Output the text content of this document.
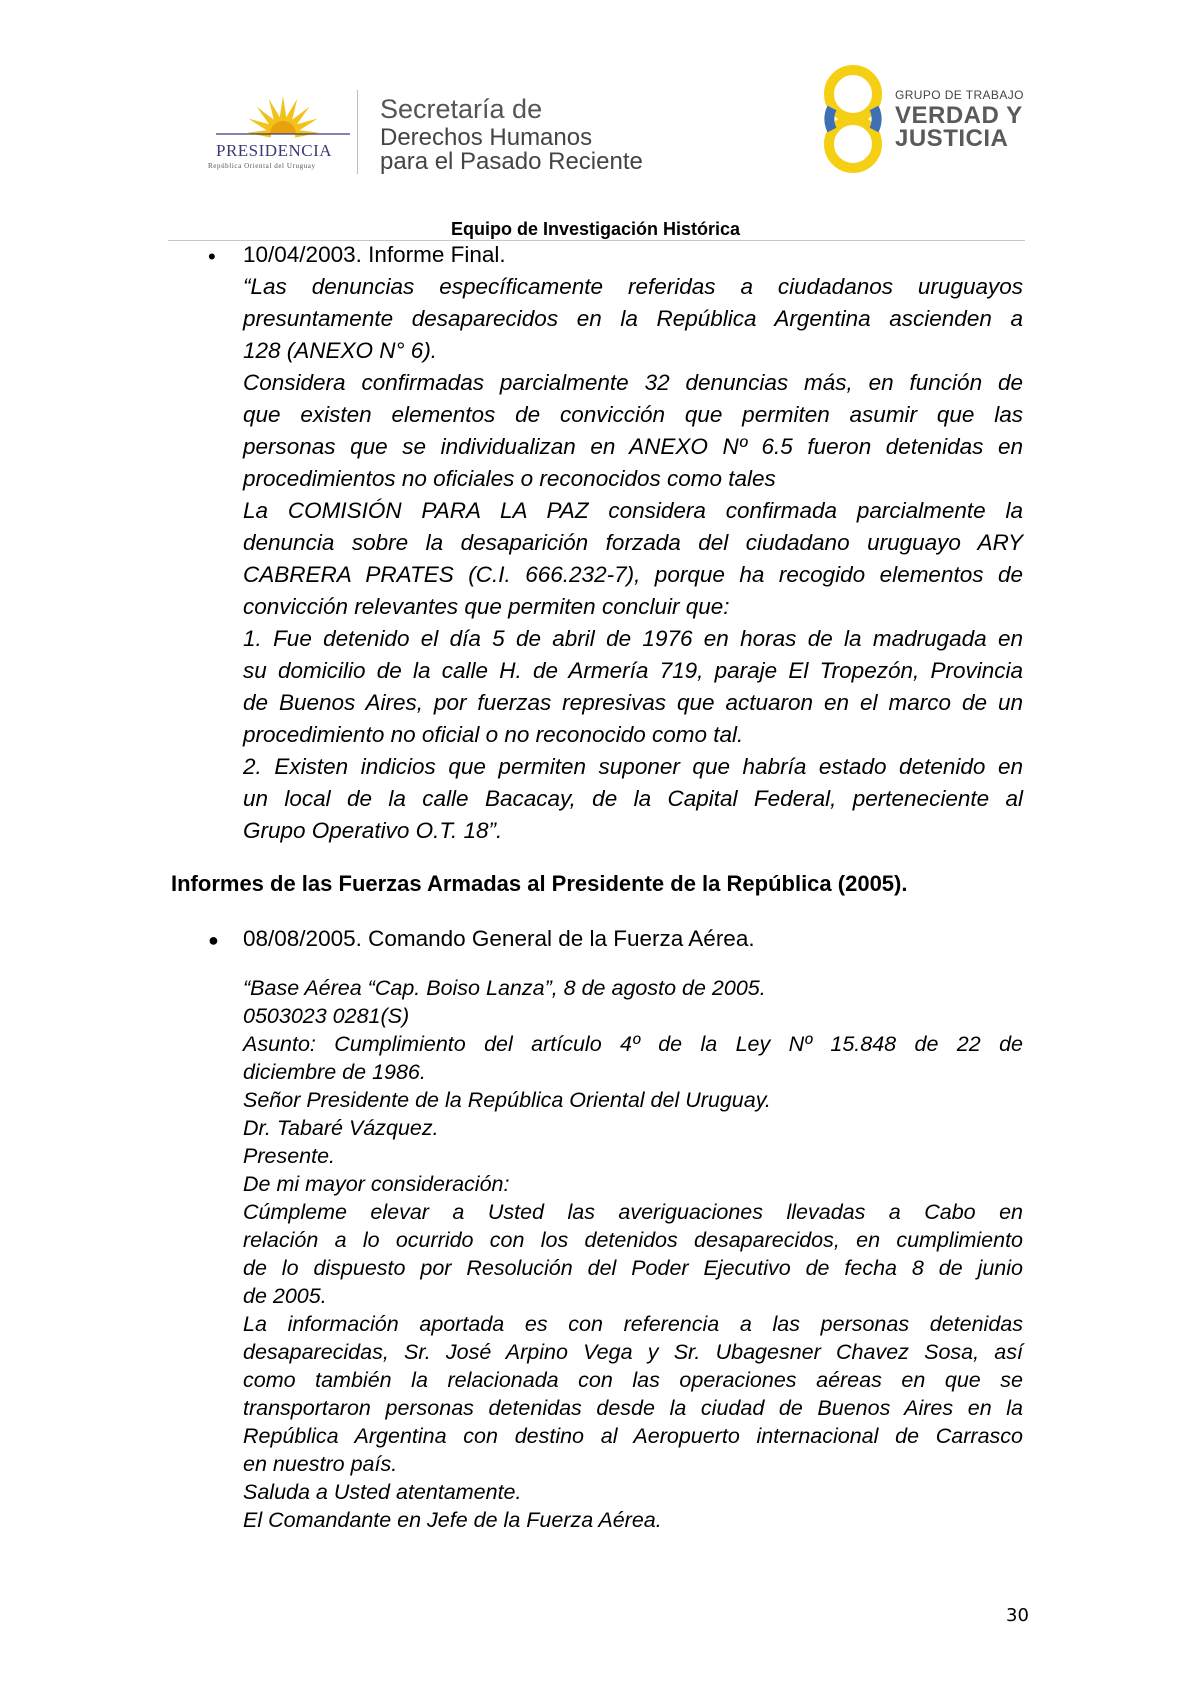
PRESIDENCIA
República Oriental del Uruguay
Secretaría de
Derechos Humanos
para el Pasado Reciente
GRUPO DE TRABAJO
VERDAD Y
JUSTICIA
Equipo de Investigación Histórica
• 10/04/2003. Informe Final.
“Las denuncias específicamente referidas a ciudadanos uruguayos
presuntamente desaparecidos en la República Argentina ascienden a
128 (ANEXO N° 6).
Considera confirmadas parcialmente 32 denuncias más, en función de
que existen elementos de convicción que permiten asumir que las
personas que se individualizan en ANEXO Nº 6.5 fueron detenidas en
procedimientos no oficiales o reconocidos como tales
La COMISIÓN PARA LA PAZ considera confirmada parcialmente la
denuncia sobre la desaparición forzada del ciudadano uruguayo ARY
CABRERA PRATES (C.I. 666.232-7), porque ha recogido elementos de
convicción relevantes que permiten concluir que:
1. Fue detenido el día 5 de abril de 1976 en horas de la madrugada en
su domicilio de la calle H. de Armería 719, paraje El Tropezón, Provincia
de Buenos Aires, por fuerzas represivas que actuaron en el marco de un
procedimiento no oficial o no reconocido como tal.
2. Existen indicios que permiten suponer que habría estado detenido en
un local de la calle Bacacay, de la Capital Federal, perteneciente al
Grupo Operativo O.T. 18”.
Informes de las Fuerzas Armadas al Presidente de la República (2005).
● 08/08/2005. Comando General de la Fuerza Aérea.
“Base Aérea “Cap. Boiso Lanza”, 8 de agosto de 2005.
0503023 0281(S)
Asunto: Cumplimiento del artículo 4º de la Ley Nº 15.848 de 22 de
diciembre de 1986.
Señor Presidente de la República Oriental del Uruguay.
Dr. Tabaré Vázquez.
Presente.
De mi mayor consideración:
Cúmpleme elevar a Usted las averiguaciones llevadas a Cabo en
relación a lo ocurrido con los detenidos desaparecidos, en cumplimiento
de lo dispuesto por Resolución del Poder Ejecutivo de fecha 8 de junio
de 2005.
La información aportada es con referencia a las personas detenidas
desaparecidas, Sr. José Arpino Vega y Sr. Ubagesner Chavez Sosa, así
como también la relacionada con las operaciones aéreas en que se
transportaron personas detenidas desde la ciudad de Buenos Aires en la
República Argentina con destino al Aeropuerto internacional de Carrasco
en nuestro país.
Saluda a Usted atentamente.
El Comandante en Jefe de la Fuerza Aérea.
30
